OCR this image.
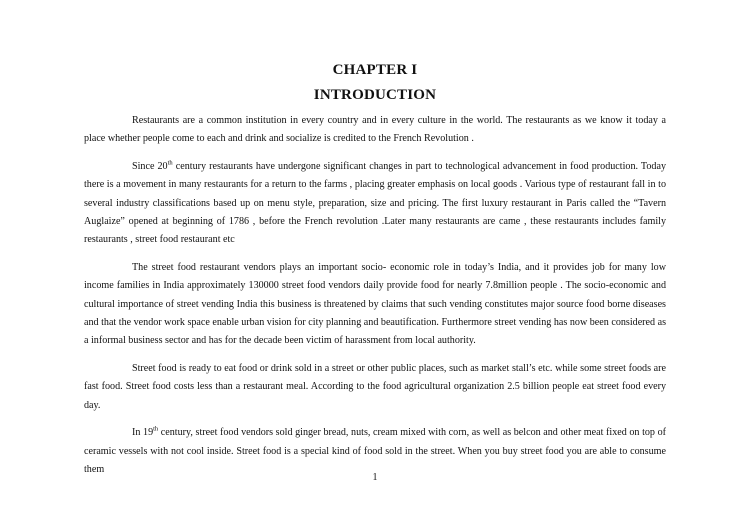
CHAPTER I
INTRODUCTION

Restaurants are a common institution in every country and in every culture in the world. The restaurants as we know it today a place whether people come to each and drink and socialize is credited to the French Revolution .

Since 20th century restaurants have undergone significant changes in part to technological advancement in food production. Today there is a movement in many restaurants for a return to the farms , placing greater emphasis on local goods . Various type of restaurant fall in to several industry classifications based up on menu style, preparation, size and pricing. The first luxury restaurant in Paris called the “Tavern Auglaize” opened at beginning of 1786 , before the French revolution .Later many restaurants are came , these restaurants includes family restaurants , street food restaurant etc

The street food restaurant vendors plays an important socio- economic role in today’s India, and it provides job for many low income families in India approximately 130000 street food vendors daily provide food for nearly 7.8million people . The socio-economic and cultural importance of street vending India this business is threatened by claims that such vending constitutes major source food borne diseases and that the vendor work space enable urban vision for city planning and beautification. Furthermore street vending has now been considered as a informal business sector and has for the decade been victim of harassment from local authority.

Street food is ready to eat food or drink sold in a street or other public places, such as market stall’s etc. while some street foods are fast food. Street food costs less than a restaurant meal. According to the food agricultural organization 2.5 billion people eat street food every day.

In 19th century, street food vendors sold ginger bread, nuts, cream mixed with corn, as well as belcon and other meat fixed on top of ceramic vessels with not cool inside. Street food is a special kind of food sold in the street. When you buy street food you are able to consume them

1
